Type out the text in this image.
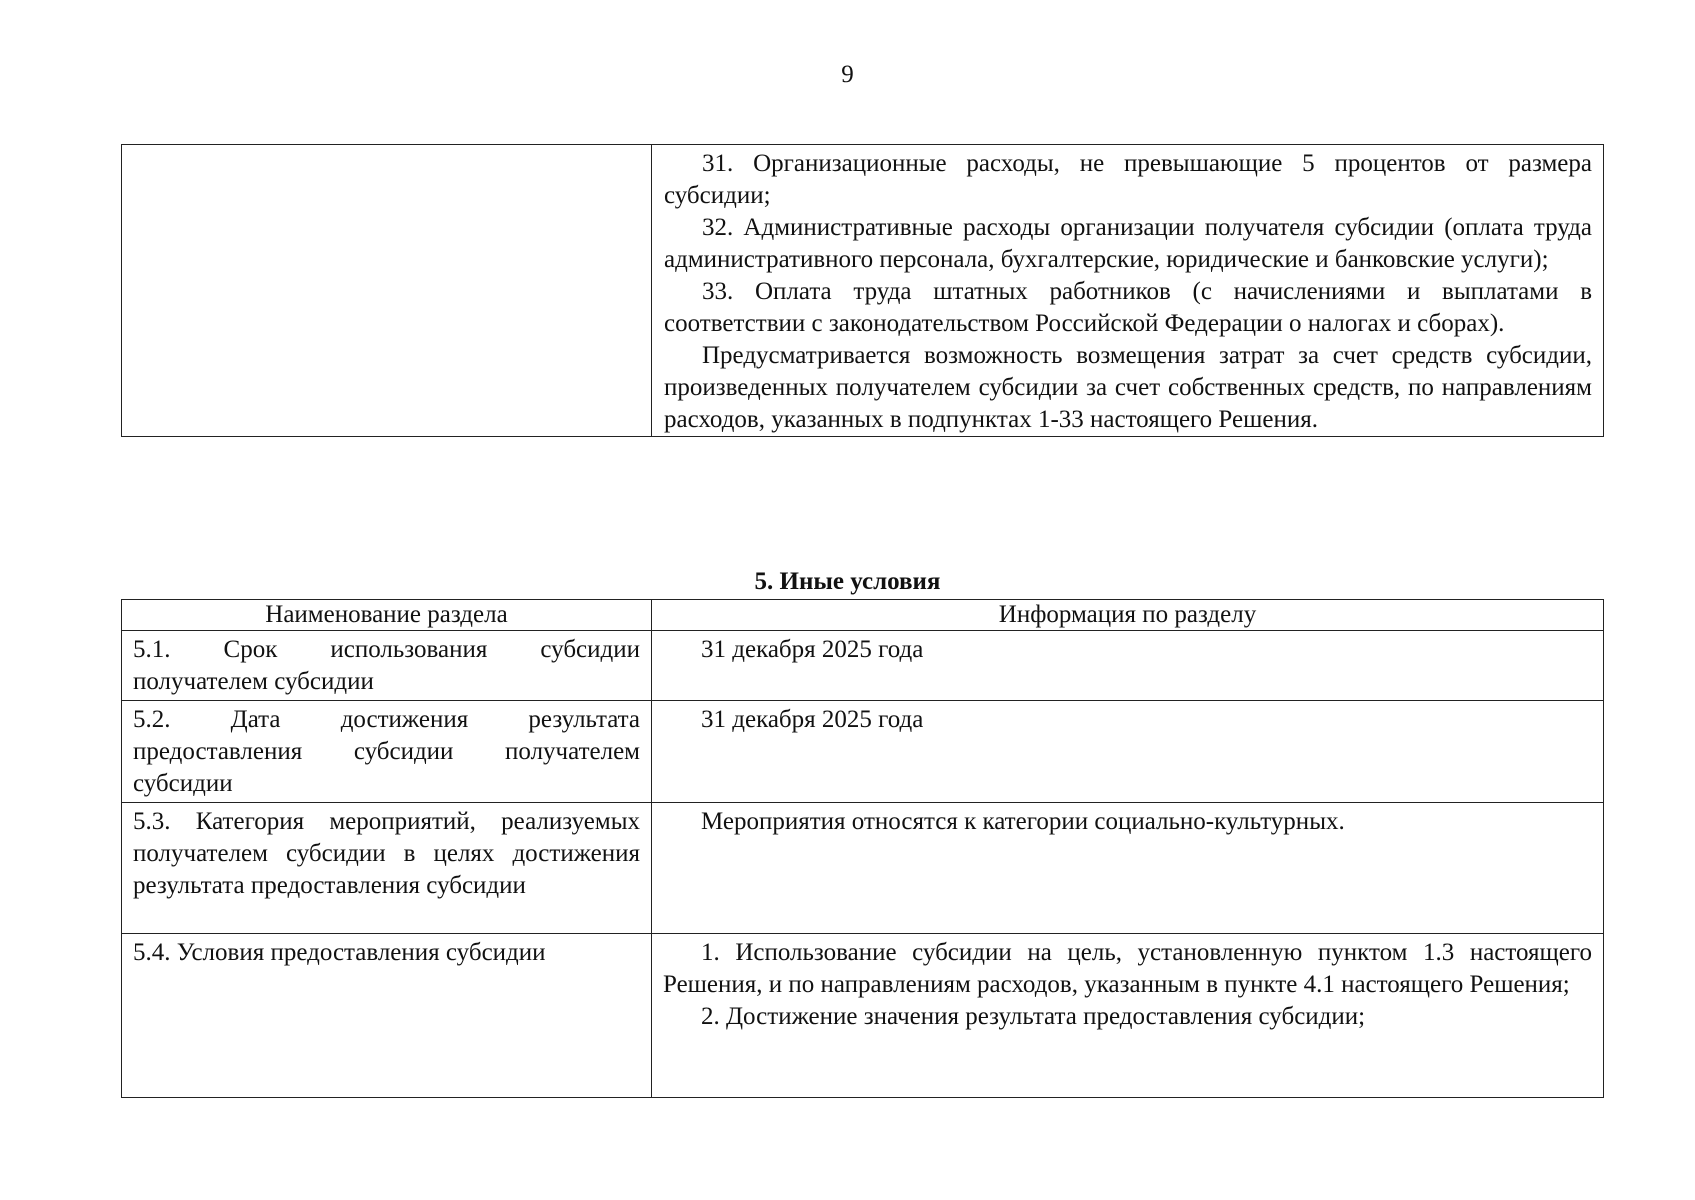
9

31. Организационные расходы, не превышающие 5 процентов от размера субсидии;

32. Административные расходы организации получателя субсидии (оплата труда административного персонала, бухгалтерские, юридические и банковские услуги);

33. Оплата труда штатных работников (с начислениями и выплатами в соответствии с законодательством Российской Федерации о налогах и сборах).

Предусматривается возможность возмещения затрат за счет средств субсидии, произведенных получателем субсидии за счет собственных средств, по направлениям расходов, указанных в подпунктах 1-33 настоящего Решения.

5. Иные условия
Наименование раздела	Информация по разделу

5.1. Срок использования субсидии получателем субсидии	31 декабря 2025 года

5.2. Дата достижения результата предоставления субсидии получателем субсидии	31 декабря 2025 года

5.3. Категория мероприятий, реализуемых получателем субсидии в целях достижения результата предоставления субсидии	Мероприятия относятся к категории социально-культурных.

5.4. Условия предоставления субсидии	1. Использование субсидии на цель, установленную пунктом 1.3 настоящего Решения, и по направлениям расходов, указанным в пункте 4.1 настоящего Решения;

2. Достижение значения результата предоставления субсидии;
